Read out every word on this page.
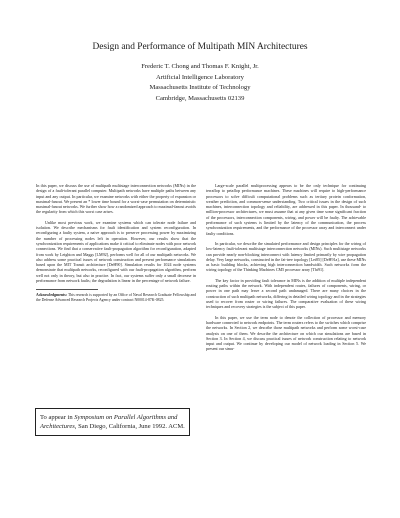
Design and Performance of Multipath MIN Architectures
Frederic T. Chong and Thomas F. Knight, Jr.
Artificial Intelligence Laboratory
Massachusetts Institute of Technology
Cambridge, Massachusetts 02139

In this paper, we discuss the use of multipath multistage interconnection networks (MINs) in the design of a fault-tolerant parallel computer. Multipath networks have multiple paths between any input and any output. In particular, we examine networks with either the property of expansion or maximal-fanout. We present an * lower time bound for a worst-case permutation on deterministic maximal-fanout networks. We further show how a randomized approach to maximal-fanout avoids the regularity from which this worst case arises.

Unlike most previous work, we examine systems which can tolerate node failure and isolation. We describe mechanisms for fault identification and system reconfiguration. In reconfiguring a faulty system, a naive approach is to preserve processing power by maximizing the number of processing nodes left in operation. However, our results show that the synchronization requirements of applications make it critical to eliminate nodes with poor network connections. We find that a conservative fault-propagation algorithm for reconfiguration, adapted from work by Leighton and Maggs [LM92], performs well for all of our multipath networks. We also address some practical issues of network construction and present performance simulations based upon the MIT Transit architecture [DeH90]. Simulation results for 1024 node systems demonstrate that multipath networks, reconfigured with our fault-propagation algorithm, perform well not only in theory, but also in practice. In fact, our systems suffer only a small decrease in performance from network faults; the degradation is linear in the percentage of network failure.

Acknowledgments: This research is supported by an Office of Naval Research Graduate Fellowship and the Defense Advanced Research Projects Agency under contract N00014-87K-0825.

To appear in Symposium on Parallel Algorithms and Architectures, San Diego, California, June 1992. ACM.

Large-scale parallel multiprocessing appears to be the only technique for continuing terraflop to petaflop performance machines. These machines will require to high-performance processors to solve difficult computational problems such as tertiary protein conformation, weather prediction, and common-sense understanding. Two critical issues in the design of such machines, interconnection topology and reliability, are addressed in this paper. In thousand- to million-processor architectures, we must assume that at any given time some significant fraction of the processors, interconnection components, wiring, and power will be faulty. The achievable performance of such systems is limited by the latency of the communication, the process synchronization requirements, and the performance of the processor array and interconnect under faulty conditions.

In particular, we describe the simulated performance and design principles for the wiring of low-latency fault-tolerant multistage interconnection networks (MINs). Such multistage networks can provide nearly non-blocking interconnect with latency limited primarily by wire propagation delay. Very large networks, constructed in the fat-tree topology [Lei85] [DeH91a], use these MINs as basic building blocks, achieving high interconnection bandwidth. Such networks form the wiring topology of the Thinking Machines CM5 processor array [Thi91].

The key factor in providing fault tolerance in MINs is the addition of multiple independent routing paths within the network. With independent routes, failures of components, wiring, or power in one path may leave a second path undamaged. There are many choices in the construction of such multipath networks, differing in detailed wiring topology and in the strategies used to recover from router or wiring failures. The comparative evaluation of these wiring techniques and recovery strategies is the subject of this paper.

In this paper, we use the term node to denote the collection of processor and memory hardware connected to network endpoints. The term routers refers to the switches which comprise the networks. In Section 2, we describe those multipath networks and perform some worst-case analysis on one of them. We describe the architecture on which our simulations are based in Section 3. In Section 4, we discuss practical issues of network construction relating to network input and output. We continue by developing our model of network loading in Section 5. We present our simu-
